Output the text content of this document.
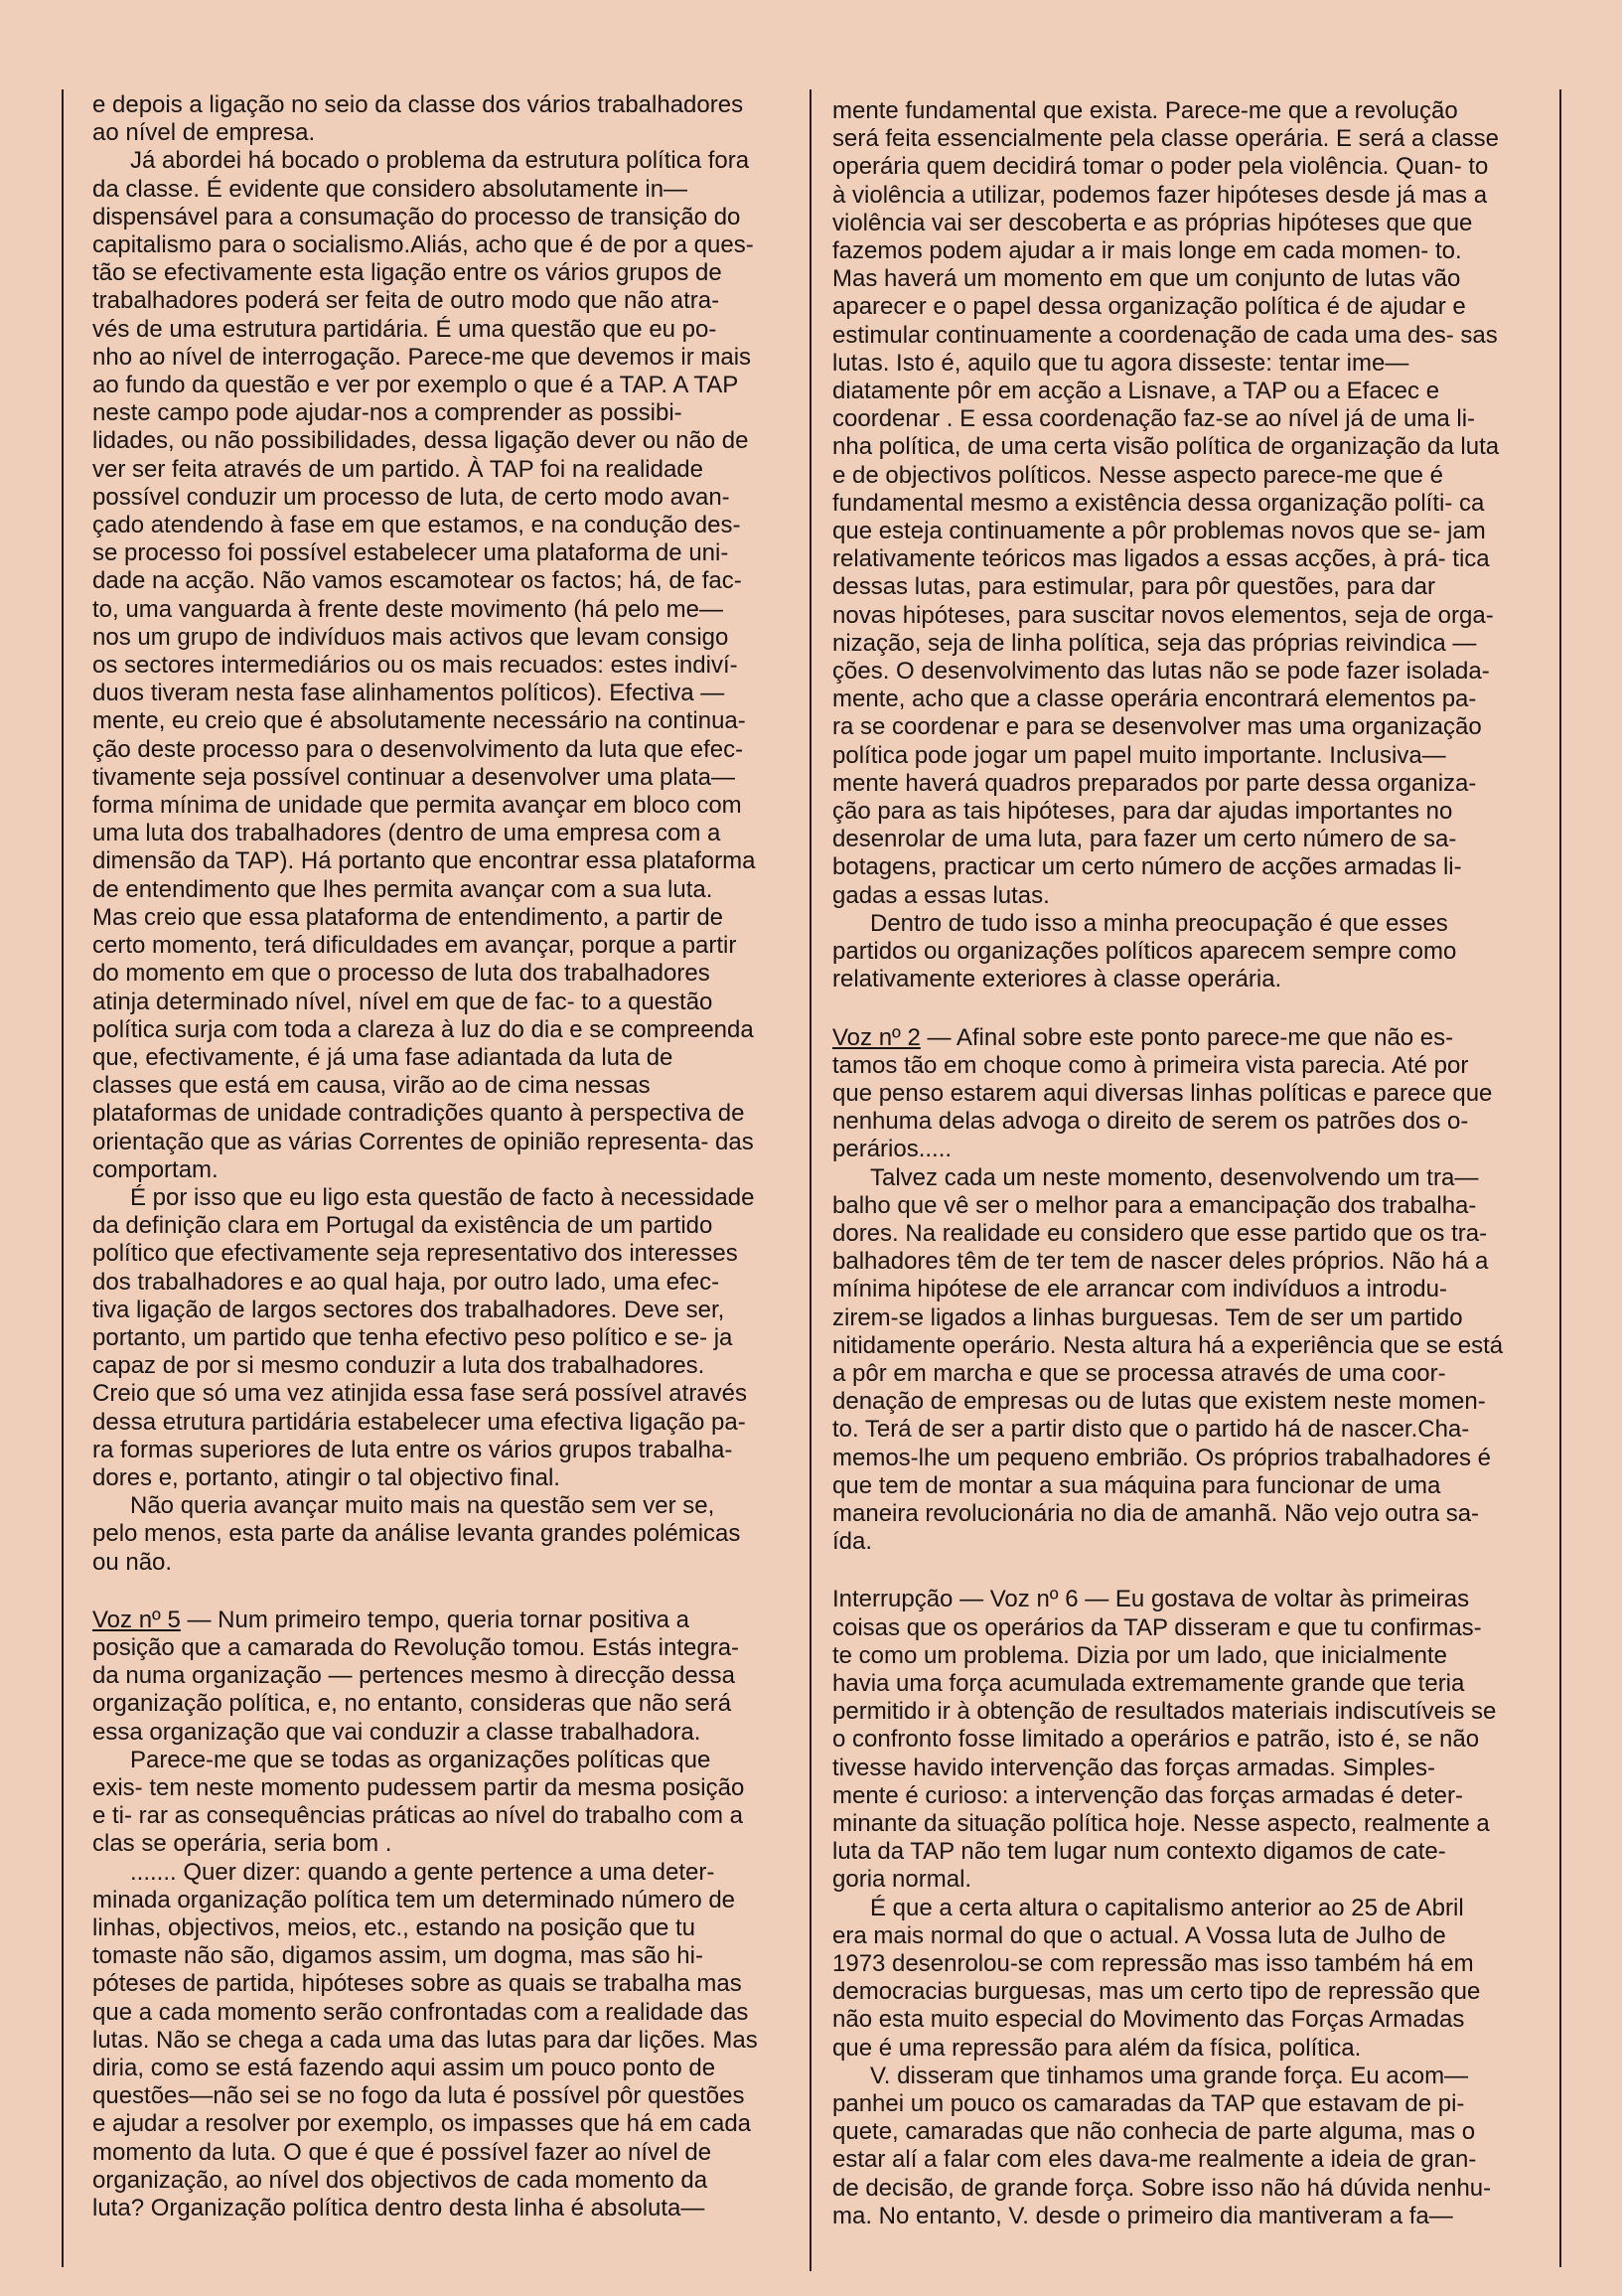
e depois a ligação no seio da classe dos vários trabalhadores ao nível de empresa.

Já abordei há bocado o problema da estrutura política fora da classe. É evidente que considero absolutamente in— dispensável para a consumação do processo de transição do capitalismo para o socialismo.Aliás, acho que é de por a ques- tão se efectivamente esta ligação entre os vários grupos de trabalhadores poderá ser feita de outro modo que não atra- vés de uma estrutura partidária. É uma questão que eu po- nho ao nível de interrogação. Parece-me que devemos ir mais ao fundo da questão e ver por exemplo o que é a TAP. A TAP neste campo pode ajudar-nos a comprender as possibi- lidades, ou não possibilidades, dessa ligação dever ou não de ver ser feita através de um partido. À TAP foi na realidade possível conduzir um processo de luta, de certo modo avan- çado atendendo à fase em que estamos, e na condução des- se processo foi possível estabelecer uma plataforma de uni- dade na acção. Não vamos escamotear os factos; há, de fac- to, uma vanguarda à frente deste movimento (há pelo me— nos um grupo de indivíduos mais activos que levam consigo os sectores intermediários ou os mais recuados: estes indiví- duos tiveram nesta fase alinhamentos políticos). Efectiva — mente, eu creio que é absolutamente necessário na continua- ção deste processo para o desenvolvimento da luta que efec- tivamente seja possível continuar a desenvolver uma plata— forma mínima de unidade que permita avançar em bloco com uma luta dos trabalhadores (dentro de uma empresa com a dimensão da TAP). Há portanto que encontrar essa plataforma de entendimento que lhes permita avançar com a sua luta. Mas creio que essa plataforma de entendimento, a partir de certo momento, terá dificuldades em avançar, porque a partir do momento em que o processo de luta dos trabalhadores atinja determinado nível, nível em que de fac- to a questão política surja com toda a clareza à luz do dia e se compreenda que, efectivamente, é já uma fase adiantada da luta de classes que está em causa, virão ao de cima nessas plataformas de unidade contradições quanto à perspectiva de orientação que as várias Correntes de opinião representa- das comportam.

É por isso que eu ligo esta questão de facto à necessidade da definição clara em Portugal da existência de um partido político que efectivamente seja representativo dos interesses dos trabalhadores e ao qual haja, por outro lado, uma efec- tiva ligação de largos sectores dos trabalhadores. Deve ser, portanto, um partido que tenha efectivo peso político e se- ja capaz de por si mesmo conduzir a luta dos trabalhadores. Creio que só uma vez atinjida essa fase será possível através dessa etrutura partidária estabelecer uma efectiva ligação pa- ra formas superiores de luta entre os vários grupos trabalha- dores e, portanto, atingir o tal objectivo final.

Não queria avançar muito mais na questão sem ver se, pelo menos, esta parte da análise levanta grandes polémicas ou não.

Voz nº 5 — Num primeiro tempo, queria tornar positiva a posição que a camarada do Revolução tomou. Estás integra- da numa organização — pertences mesmo à direcção dessa organização política, e, no entanto, consideras que não será essa organização que vai conduzir a classe trabalhadora.

Parece-me que se todas as organizações políticas que exis- tem neste momento pudessem partir da mesma posição e ti- rar as consequências práticas ao nível do trabalho com a clas se operária, seria bom .

....... Quer dizer: quando a gente pertence a uma deter- minada organização política tem um determinado número de linhas, objectivos, meios, etc., estando na posição que tu tomaste não são, digamos assim, um dogma, mas são hi- póteses de partida, hipóteses sobre as quais se trabalha mas que a cada momento serão confrontadas com a realidade das lutas. Não se chega a cada uma das lutas para dar lições. Mas diria, como se está fazendo aqui assim um pouco ponto de questões—não sei se no fogo da luta é possível pôr questões e ajudar a resolver por exemplo, os impasses que há em cada momento da luta. O que é que é possível fazer ao nível de organização, ao nível dos objectivos de cada momento da luta? Organização política dentro desta linha é absoluta—

mente fundamental que exista. Parece-me que a revolução será feita essencialmente pela classe operária. E será a classe operária quem decidirá tomar o poder pela violência. Quan- to à violência a utilizar, podemos fazer hipóteses desde já mas a violência vai ser descoberta e as próprias hipóteses que que fazemos podem ajudar a ir mais longe em cada momen- to. Mas haverá um momento em que um conjunto de lutas vão aparecer e o papel dessa organização política é de ajudar e estimular continuamente a coordenação de cada uma des- sas lutas. Isto é, aquilo que tu agora disseste: tentar ime— diatamente pôr em acção a Lisnave, a TAP ou a Efacec e coordenar . E essa coordenação faz-se ao nível já de uma li- nha política, de uma certa visão política de organização da luta e de objectivos políticos. Nesse aspecto parece-me que é fundamental mesmo a existência dessa organização políti- ca que esteja continuamente a pôr problemas novos que se- jam relativamente teóricos mas ligados a essas acções, à prá- tica dessas lutas, para estimular, para pôr questões, para dar novas hipóteses, para suscitar novos elementos, seja de orga- nização, seja de linha política, seja das próprias reivindica — ções. O desenvolvimento das lutas não se pode fazer isolada- mente, acho que a classe operária encontrará elementos pa- ra se coordenar e para se desenvolver mas uma organização política pode jogar um papel muito importante. Inclusiva— mente haverá quadros preparados por parte dessa organiza- ção para as tais hipóteses, para dar ajudas importantes no desenrolar de uma luta, para fazer um certo número de sa- botagens, practicar um certo número de acções armadas li- gadas a essas lutas.

Dentro de tudo isso a minha preocupação é que esses partidos ou organizações políticos aparecem sempre como relativamente exteriores à classe operária.

Voz nº 2 — Afinal sobre este ponto parece-me que não es- tamos tão em choque como à primeira vista parecia. Até por que penso estarem aqui diversas linhas políticas e parece que nenhuma delas advoga o direito de serem os patrões dos o- perários.....

Talvez cada um neste momento, desenvolvendo um tra— balho que vê ser o melhor para a emancipação dos trabalha- dores. Na realidade eu considero que esse partido que os tra- balhadores têm de ter tem de nascer deles próprios. Não há a mínima hipótese de ele arrancar com indivíduos a introdu- zirem-se ligados a linhas burguesas. Tem de ser um partido nitidamente operário. Nesta altura há a experiência que se está a pôr em marcha e que se processa através de uma coor- denação de empresas ou de lutas que existem neste momen- to. Terá de ser a partir disto que o partido há de nascer.Cha- memos-lhe um pequeno embrião. Os próprios trabalhadores é que tem de montar a sua máquina para funcionar de uma maneira revolucionária no dia de amanhã. Não vejo outra sa- ída.

Interrupção — Voz nº 6 — Eu gostava de voltar às primeiras coisas que os operários da TAP disseram e que tu confirmas- te como um problema. Dizia por um lado, que inicialmente havia uma força acumulada extremamente grande que teria permitido ir à obtenção de resultados materiais indiscutíveis se o confronto fosse limitado a operários e patrão, isto é, se não tivesse havido intervenção das forças armadas. Simples- mente é curioso: a intervenção das forças armadas é deter- minante da situação política hoje. Nesse aspecto, realmente a luta da TAP não tem lugar num contexto digamos de cate- goria normal.

É que a certa altura o capitalismo anterior ao 25 de Abril era mais normal do que o actual. A Vossa luta de Julho de 1973 desenrolou-se com repressão mas isso também há em democracias burguesas, mas um certo tipo de repressão que não esta muito especial do Movimento das Forças Armadas que é uma repressão para além da física, política.

V. disseram que tinhamos uma grande força. Eu acom— panhei um pouco os camaradas da TAP que estavam de pi- quete, camaradas que não conhecia de parte alguma, mas o estar alí a falar com eles dava-me realmente a ideia de gran- de decisão, de grande força. Sobre isso não há dúvida nenhu- ma. No entanto, V. desde o primeiro dia mantiveram a fa—
